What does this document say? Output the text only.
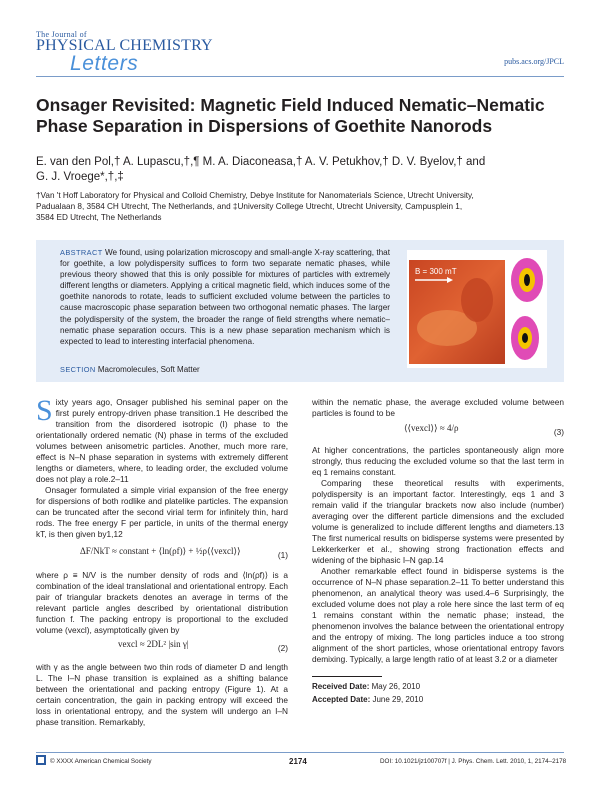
The Journal of
PHYSICAL CHEMISTRY
Letters	pubs.acs.org/JPCL
Onsager Revisited: Magnetic Field Induced Nematic–Nematic Phase Separation in Dispersions of Goethite Nanorods
E. van den Pol,† A. Lupascu,†,¶ M. A. Diaconeasa,† A. V. Petukhov,† D. V. Byelov,† and
G. J. Vroege*,†,‡
†Van 't Hoff Laboratory for Physical and Colloid Chemistry, Debye Institute for Nanomaterials Science, Utrecht University,
Padualaan 8, 3584 CH Utrecht, The Netherlands, and ‡University College Utrecht, Utrecht University, Campusplein 1,
3584 ED Utrecht, The Netherlands
ABSTRACT We found, using polarization microscopy and small-angle X-ray scattering, that for goethite, a low polydispersity suffices to form two separate nematic phases, while previous theory showed that this is only possible for mixtures of particles with extremely different lengths or diameters. Applying a critical magnetic field, which induces some of the goethite nanorods to rotate, leads to sufficient excluded volume between the particles to cause macroscopic phase separation between two orthogonal nematic phases. The larger the polydispersity of the system, the broader the range of field strengths where nematic–nematic phase separation occurs. This is a new phase separation mechanism which is expected to lead to interesting interfacial phenomena.
SECTION Macromolecules, Soft Matter
B = 300 mT

Sixty years ago, Onsager published his seminal paper on the first purely entropy-driven phase transition.1 He described the transition from the disordered isotropic (I) phase to the orientationally ordered nematic (N) phase in terms of the excluded volumes between anisometric particles. Another, much more rare, effect is N–N phase separation in systems with extremely different lengths or diameters, where, to leading order, the excluded volume does not play a role.2–11

Onsager formulated a simple virial expansion of the free energy for dispersions of both rodlike and platelike particles. The expansion can be truncated after the second virial term for infinitely thin, hard rods. The free energy F per particle, in units of the thermal energy kT, is then given by1,12

ΔF/NkT ≈ constant + ⟨ln(ρf)⟩ + ½ρ⟨⟨vexcl⟩⟩	(1)

where ρ ≡ N/V is the number density of rods and ⟨ln(ρf)⟩ is a combination of the ideal translational and orientational entropy. Each pair of triangular brackets denotes an average in terms of the relevant particle angles described by orientational distribution function f. The packing entropy is proportional to the excluded volume (vexcl), asymptotically given by

vexcl ≈ 2DL² |sin γ|	(2)

with γ as the angle between two thin rods of diameter D and length L. The I–N phase transition is explained as a shifting balance between the orientational and packing entropy (Figure 1). At a certain concentration, the gain in packing entropy will exceed the loss in orientational entropy, and the system will undergo an I–N phase transition. Remarkably,

within the nematic phase, the average excluded volume between particles is found to be

⟨⟨vexcl⟩⟩ ≈ 4/ρ	(3)

At higher concentrations, the particles spontaneously align more strongly, thus reducing the excluded volume so that the last term in eq 1 remains constant.

Comparing these theoretical results with experiments, polydispersity is an important factor. Interestingly, eqs 1 and 3 remain valid if the triangular brackets now also include (number) averaging over the different particle dimensions and the excluded volume is generalized to include different lengths and diameters.13 The first numerical results on bidisperse systems were presented by Lekkerkerker et al., showing strong fractionation effects and widening of the biphasic I–N gap.14

Another remarkable effect found in bidisperse systems is the occurrence of N–N phase separation.2–11 To better understand this phenomenon, an analytical theory was used.4–6 Surprisingly, the excluded volume does not play a role here since the last term of eq 1 remains constant within the nematic phase; instead, the phenomenon involves the balance between the orientational entropy and the entropy of mixing. The long particles induce a too strong alignment of the short particles, whose orientational entropy favors demixing. Typically, a large length ratio of at least 3.2 or a diameter

Received Date: May 26, 2010
Accepted Date: June 29, 2010
© XXXX American Chemical Society	2174	DOI: 10.1021/jz100707f | J. Phys. Chem. Lett. 2010, 1, 2174–2178
